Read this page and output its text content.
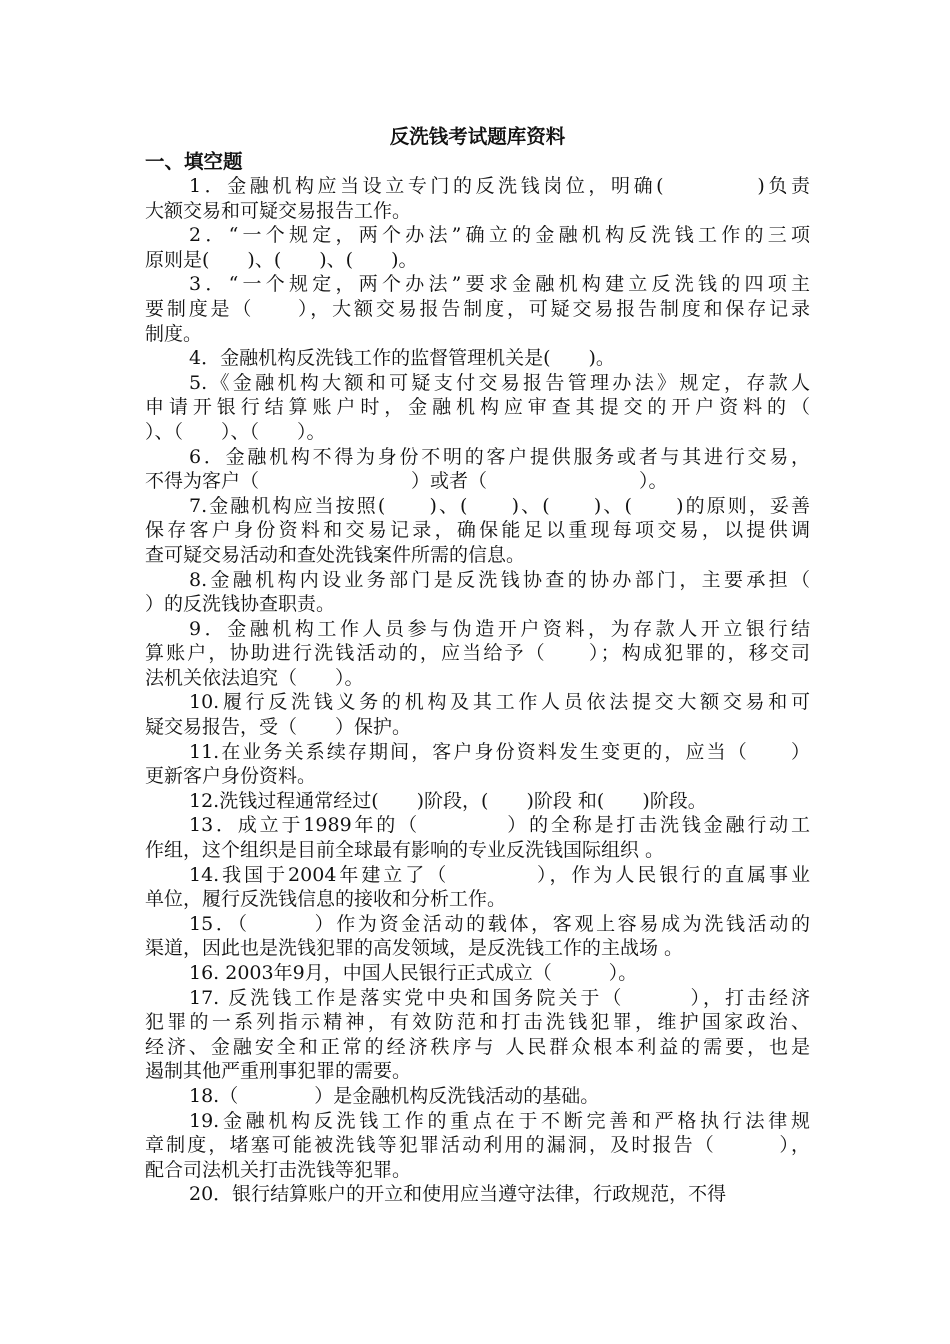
反洗钱考试题库资料
一、填空题
1．金融机构应当设立专门的反洗钱岗位，明确(　　　　)负责
大额交易和可疑交易报告工作。
2．“一个规定，两个办法”确立的金融机构反洗钱工作的三项
原则是(　　)、(　　)、(　　)。
3．“一个规定，两个办法”要求金融机构建立反洗钱的四项主
要制度是（　　），大额交易报告制度，可疑交易报告制度和保存记录
制度。
4．金融机构反洗钱工作的监督管理机关是(　　)。
5.《金融机构大额和可疑支付交易报告管理办法》规定，存款人
申请开银行结算账户时，金融机构应审查其提交的开户资料的（
）、（　　）、（　　）。
6．金融机构不得为身份不明的客户提供服务或者与其进行交易，
不得为客户（　　　　　　　　）或者（　　　　　　　　）。
7.金融机构应当按照(　　)、(　　)、(　　)、(　　)的原则，妥善
保存客户身份资料和交易记录，确保能足以重现每项交易，以提供调
查可疑交易活动和查处洗钱案件所需的信息。
8.金融机构内设业务部门是反洗钱协查的协办部门，主要承担（
）的反洗钱协查职责。
9．金融机构工作人员参与伪造开户资料，为存款人开立银行结
算账户，协助进行洗钱活动的，应当给予（　　）；构成犯罪的，移交司
法机关依法追究（　　）。
10.履行反洗钱义务的机构及其工作人员依法提交大额交易和可
疑交易报告，受（　　）保护。
11.在业务关系续存期间，客户身份资料发生变更的，应当（　　）
更新客户身份资料。
12.洗钱过程通常经过(　　)阶段，(　　)阶段 和(　　)阶段。
13．成立于1989年的（　　　　）的全称是打击洗钱金融行动工
作组，这个组织是目前全球最有影响的专业反洗钱国际组织 。
14.我国于2004年建立了（　　　　），作为人民银行的直属事业
单位，履行反洗钱信息的接收和分析工作。
15．（　　　）作为资金活动的载体，客观上容易成为洗钱活动的
渠道，因此也是洗钱犯罪的高发领域，是反洗钱工作的主战场 。
16. 2003年9月，中国人民银行正式成立（　　　）。
17. 反洗钱工作是落实党中央和国务院关于（　　　），打击经济
犯罪的一系列指示精神，有效防范和打击洗钱犯罪，维护国家政治、
经济、金融安全和正常的经济秩序与 人民群众根本利益的需要，也是
遏制其他严重刑事犯罪的需要。
18.（　　　　）是金融机构反洗钱活动的基础。
19.金融机构反洗钱工作的重点在于不断完善和严格执行法律规
章制度，堵塞可能被洗钱等犯罪活动利用的漏洞，及时报告（　　　），
配合司法机关打击洗钱等犯罪。
20．银行结算账户的开立和使用应当遵守法律，行政规范，不得
